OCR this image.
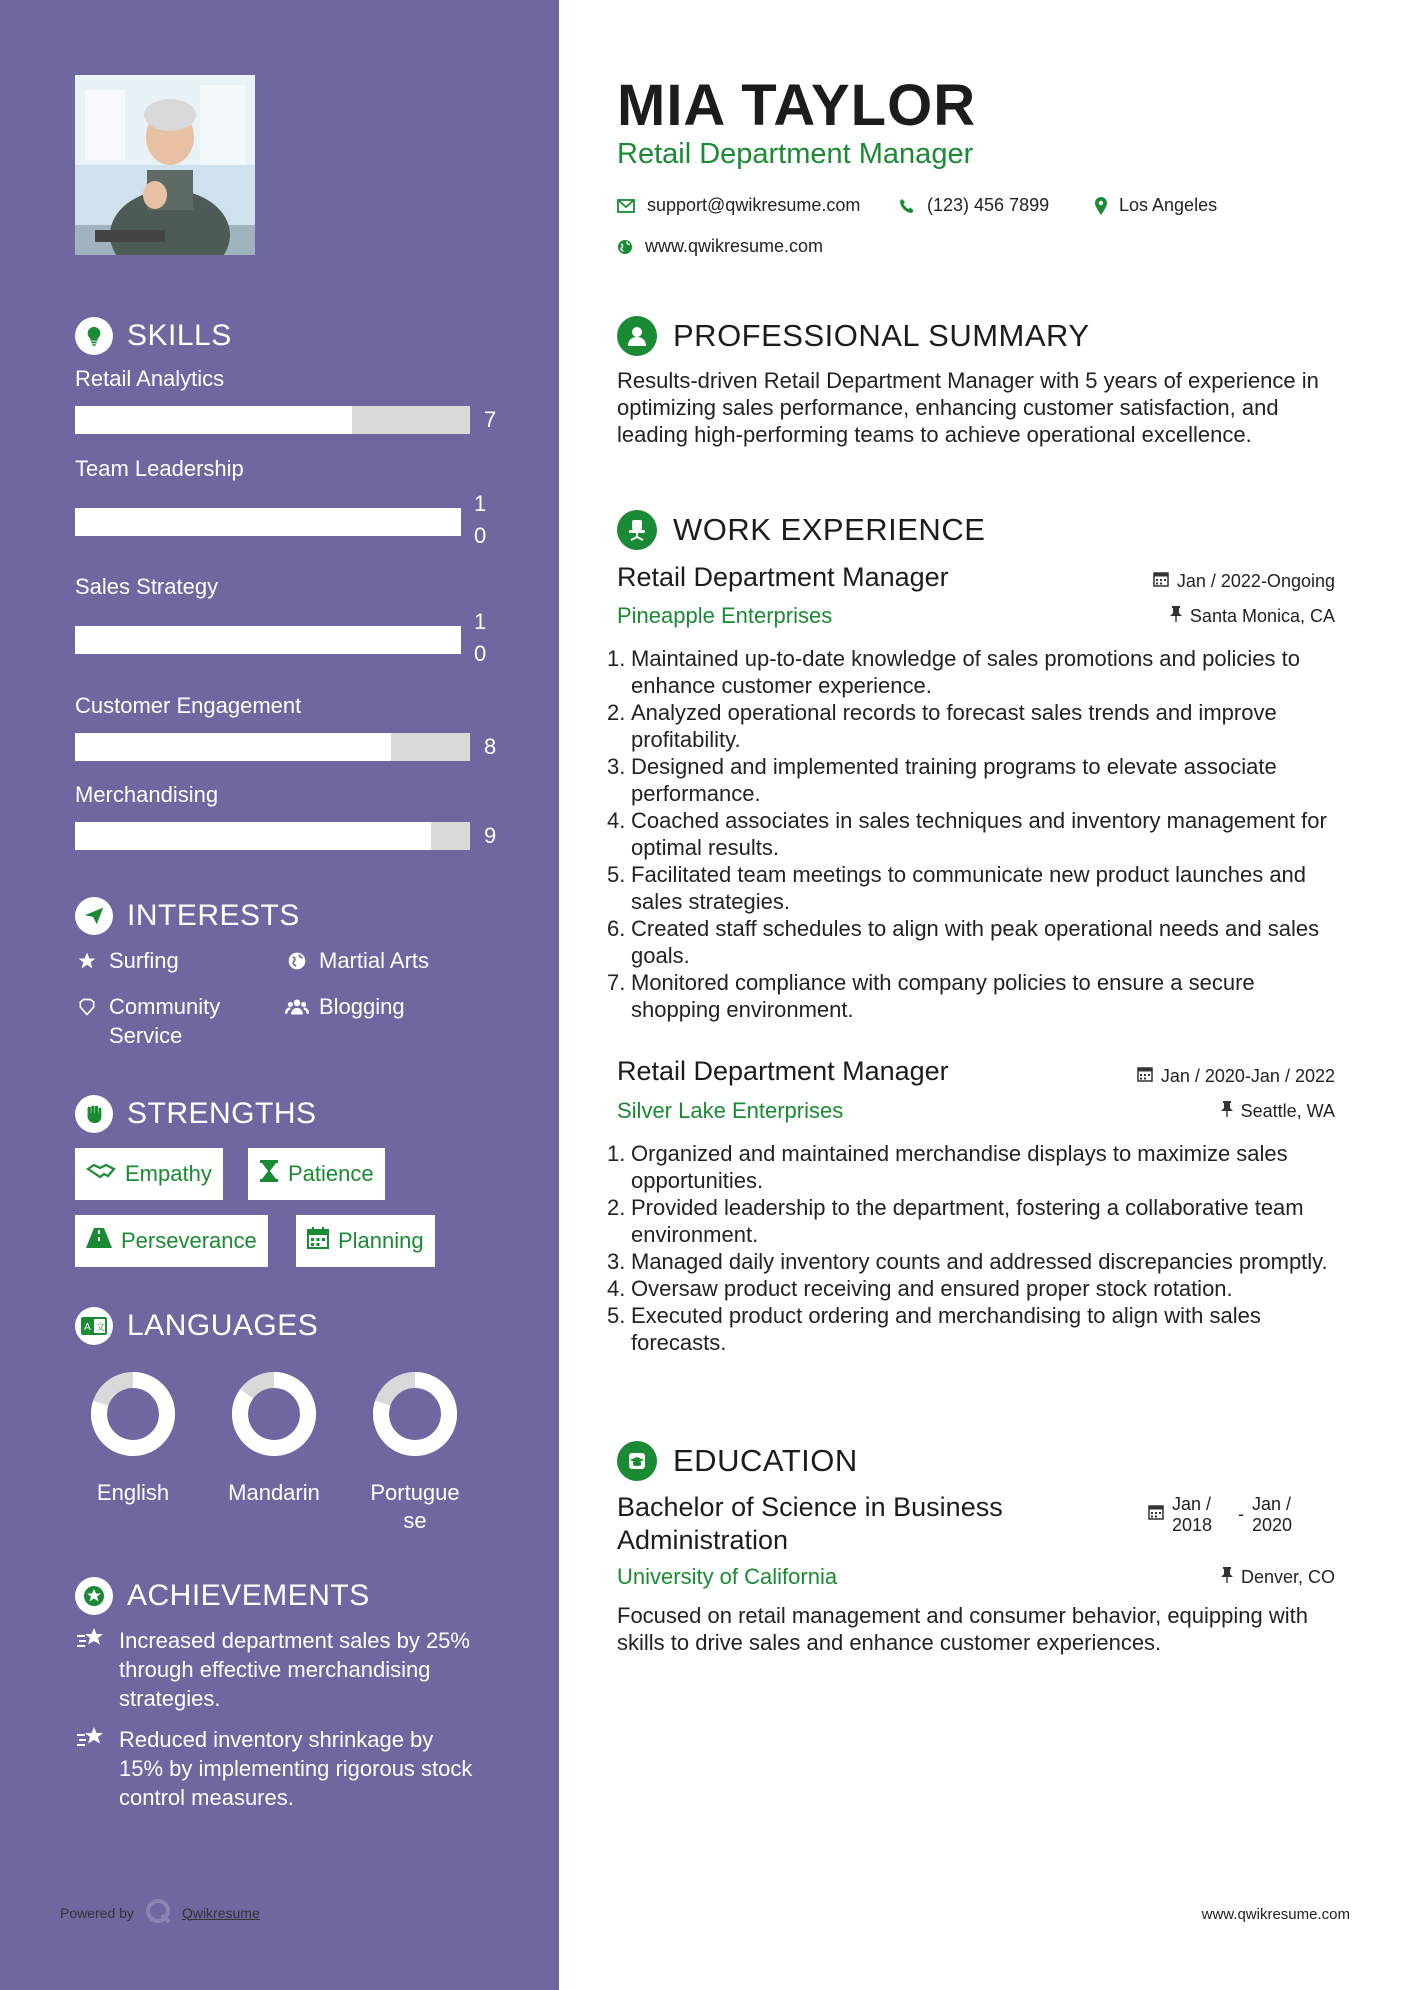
SKILLS
Retail Analytics
7
Team Leadership
10
Sales Strategy
10
Customer Engagement
8
Merchandising
9
INTERESTS
Surfing	Martial Arts
Community Service
Blogging
STRENGTHS
Empathy	Patience
Perseverance	Planning
A 文 LANGUAGES
English	Mandarin Portuguese
ACHIEVEMENTS
Increased department sales by 25% through effective merchandising strategies.
Reduced inventory shrinkage by 15% by implementing rigorous stock control measures.
Powered by	Qwikresume
MIA TAYLOR
Retail Department Manager
support@qwikresume.com	(123) 456 7899	Los Angeles
www.qwikresume.com
PROFESSIONAL SUMMARY
Results-driven Retail Department Manager with 5 years of experience in optimizing sales performance, enhancing customer satisfaction, and leading high-performing teams to achieve operational excellence.
WORK EXPERIENCE
Retail Department Manager	Jan / 2022-Ongoing
Pineapple Enterprises	Santa Monica, CA
1. Maintained up-to-date knowledge of sales promotions and policies to enhance customer experience.
2. Analyzed operational records to forecast sales trends and improve profitability.
3. Designed and implemented training programs to elevate associate performance.
4. Coached associates in sales techniques and inventory management for optimal results.
5. Facilitated team meetings to communicate new product launches and sales strategies.
6. Created staff schedules to align with peak operational needs and sales goals.
7. Monitored compliance with company policies to ensure a secure shopping environment.
Retail Department Manager	Jan / 2020-Jan / 2022
Silver Lake Enterprises	Seattle, WA
1. Organized and maintained merchandise displays to maximize sales opportunities.
2. Provided leadership to the department, fostering a collaborative team environment.
3. Managed daily inventory counts and addressed discrepancies promptly.
4. Oversaw product receiving and ensured proper stock rotation.
5. Executed product ordering and merchandising to align with sales forecasts.
EDUCATION
Bachelor of Science in Business Administration
Jan / 2018
- Jan / 2020
University of California	Denver, CO
Focused on retail management and consumer behavior, equipping with skills to drive sales and enhance customer experiences.
www.qwikresume.com
